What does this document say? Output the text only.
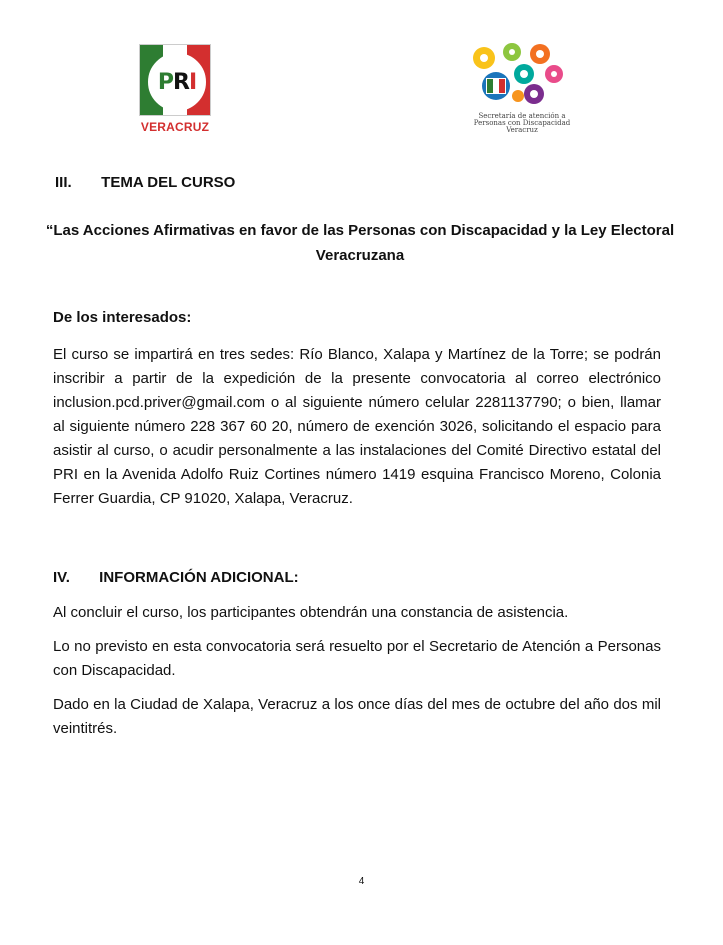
P R I
VERACRUZ
Secretaría de atención a Personas con Discapacidad Veracruz
III. TEMA DEL CURSO
“Las Acciones Afirmativas en favor de las Personas con Discapacidad y la Ley Electoral Veracruzana
De los interesados:
El curso se impartirá en tres sedes: Río Blanco, Xalapa y Martínez de la Torre; se podrán inscribir a partir de la expedición de la presente convocatoria al correo electrónico inclusion.pcd.priver@gmail.com o al siguiente número celular 2281137790; o bien, llamar al siguiente número 228 367 60 20, número de exención 3026, solicitando el espacio para asistir al curso, o acudir personalmente a las instalaciones del Comité Directivo estatal del PRI en la Avenida Adolfo Ruiz Cortines número 1419 esquina Francisco Moreno, Colonia Ferrer Guardia, CP 91020, Xalapa, Veracruz.
IV. INFORMACIÓN ADICIONAL:
Al concluir el curso, los participantes obtendrán una constancia de asistencia.
Lo no previsto en esta convocatoria será resuelto por el Secretario de Atención a Personas con Discapacidad.
Dado en la Ciudad de Xalapa, Veracruz a los once días del mes de octubre del año dos mil veintitrés.
4
